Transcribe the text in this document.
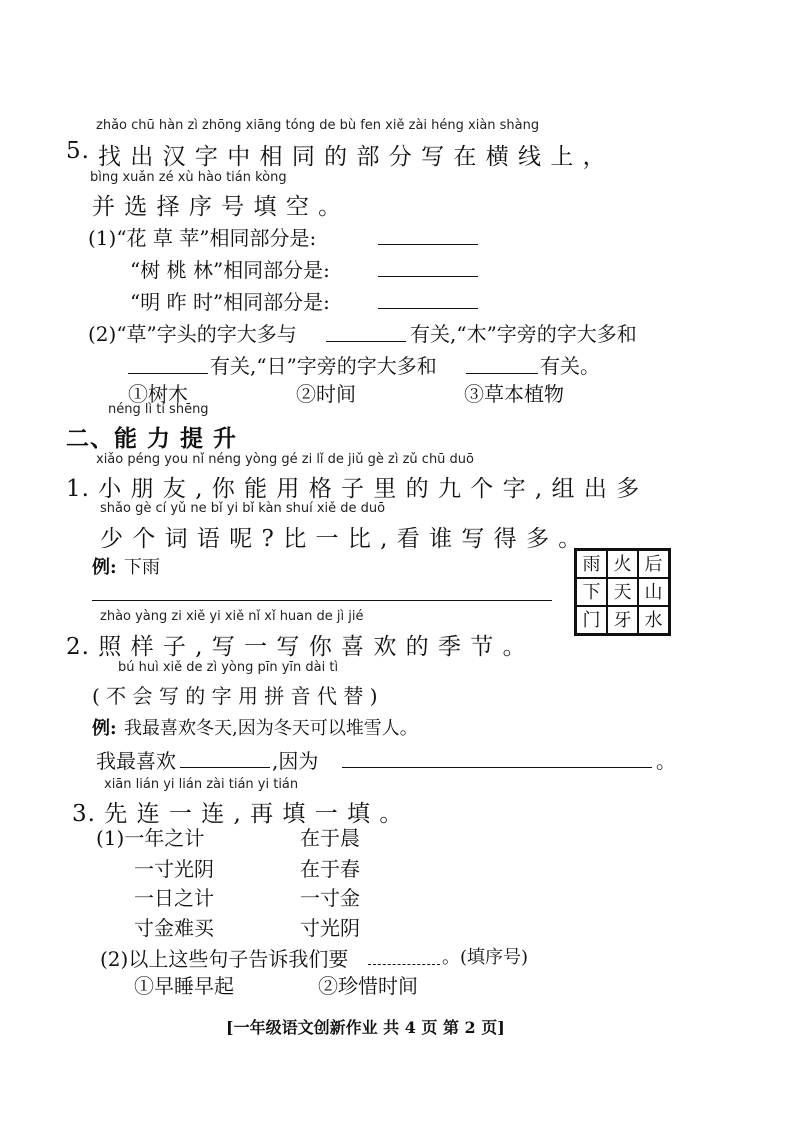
zhǎo chū hàn zì zhōng xiāng tóng de bù fen xiě zài héng xiàn shàng
5. 找 出 汉 字 中 相 同 的 部 分 写 在 横 线 上 ，
bìng xuǎn zé xù hào tián kòng
并 选 择 序 号 填 空 。
(1)“花 草 苹”相同部分是:
“树 桃 林”相同部分是:
“明 昨 时”相同部分是:
(2)“草”字头的字大多与	有关,“木”字旁的字大多和
有关,“日”字旁的字大多和	有关。
①树木	②时间	③草本植物
néng lì tí shēng
二、能 力 提 升
xiǎo péng you nǐ néng yòng gé zi lǐ de jiǔ gè zì zǔ chū duō
1. 小 朋 友 , 你 能 用 格 子 里 的 九 个 字 , 组 出 多
shǎo gè cí yǔ ne bǐ yi bǐ kàn shuí xiě de duō
少 个 词 语 呢 ? 比 一 比 , 看 谁 写 得 多 。
例: 下雨	雨 火 后
下 天 山
门 牙 水
zhào yàng zi xiě yi xiě nǐ xǐ huan de jì jié
2. 照 样 子 , 写 一 写 你 喜 欢 的 季 节 。
bú huì xiě de zì yòng pīn yīn dài tì
( 不 会 写 的 字 用 拼 音 代 替 )
例: 我最喜欢冬天,因为冬天可以堆雪人。
我最喜欢	,因为	。
xiān lián yi lián zài tián yi tián
3. 先 连 一 连 , 再 填 一 填 。
(1)一年之计	在于晨
一寸光阴	在于春
一日之计	一寸金
寸金难买	寸光阴
(2)以上这些句子告诉我们要	。(填序号)
①早睡早起	②珍惜时间
[一年级语文创新作业 共 4 页 第 2 页]
